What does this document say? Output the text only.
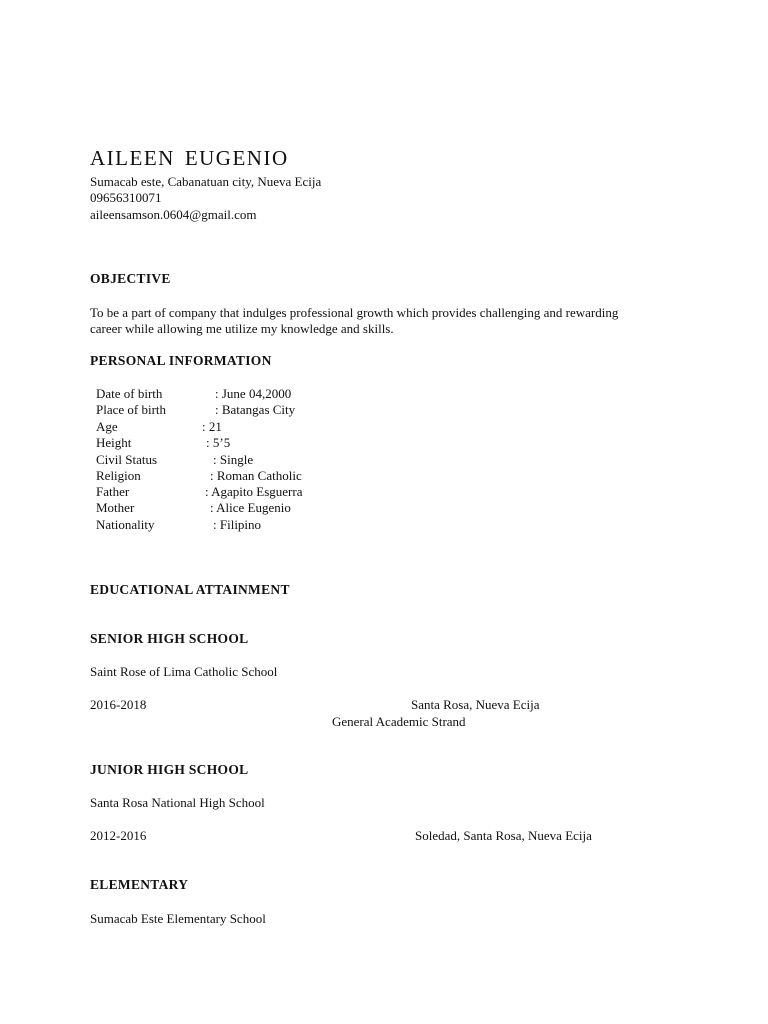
AILEEN EUGENIO
Sumacab este, Cabanatuan city, Nueva Ecija
09656310071
aileensamson.0604@gmail.com
OBJECTIVE
To be a part of company that indulges professional growth which provides challenging and rewarding
career while allowing me utilize my knowledge and skills.
PERSONAL INFORMATION
Date of birth	: June 04,2000
Place of birth	: Batangas City
Age	: 21
Height	: 5’5
Civil Status	: Single
Religion	: Roman Catholic
Father	: Agapito Esguerra
Mother	: Alice Eugenio
Nationality	: Filipino
EDUCATIONAL ATTAINMENT
SENIOR HIGH SCHOOL
Saint Rose of Lima Catholic School
2016-2018	Santa Rosa, Nueva Ecija
General Academic Strand
JUNIOR HIGH SCHOOL
Santa Rosa National High School
2012-2016	Soledad, Santa Rosa, Nueva Ecija
ELEMENTARY
Sumacab Este Elementary School
